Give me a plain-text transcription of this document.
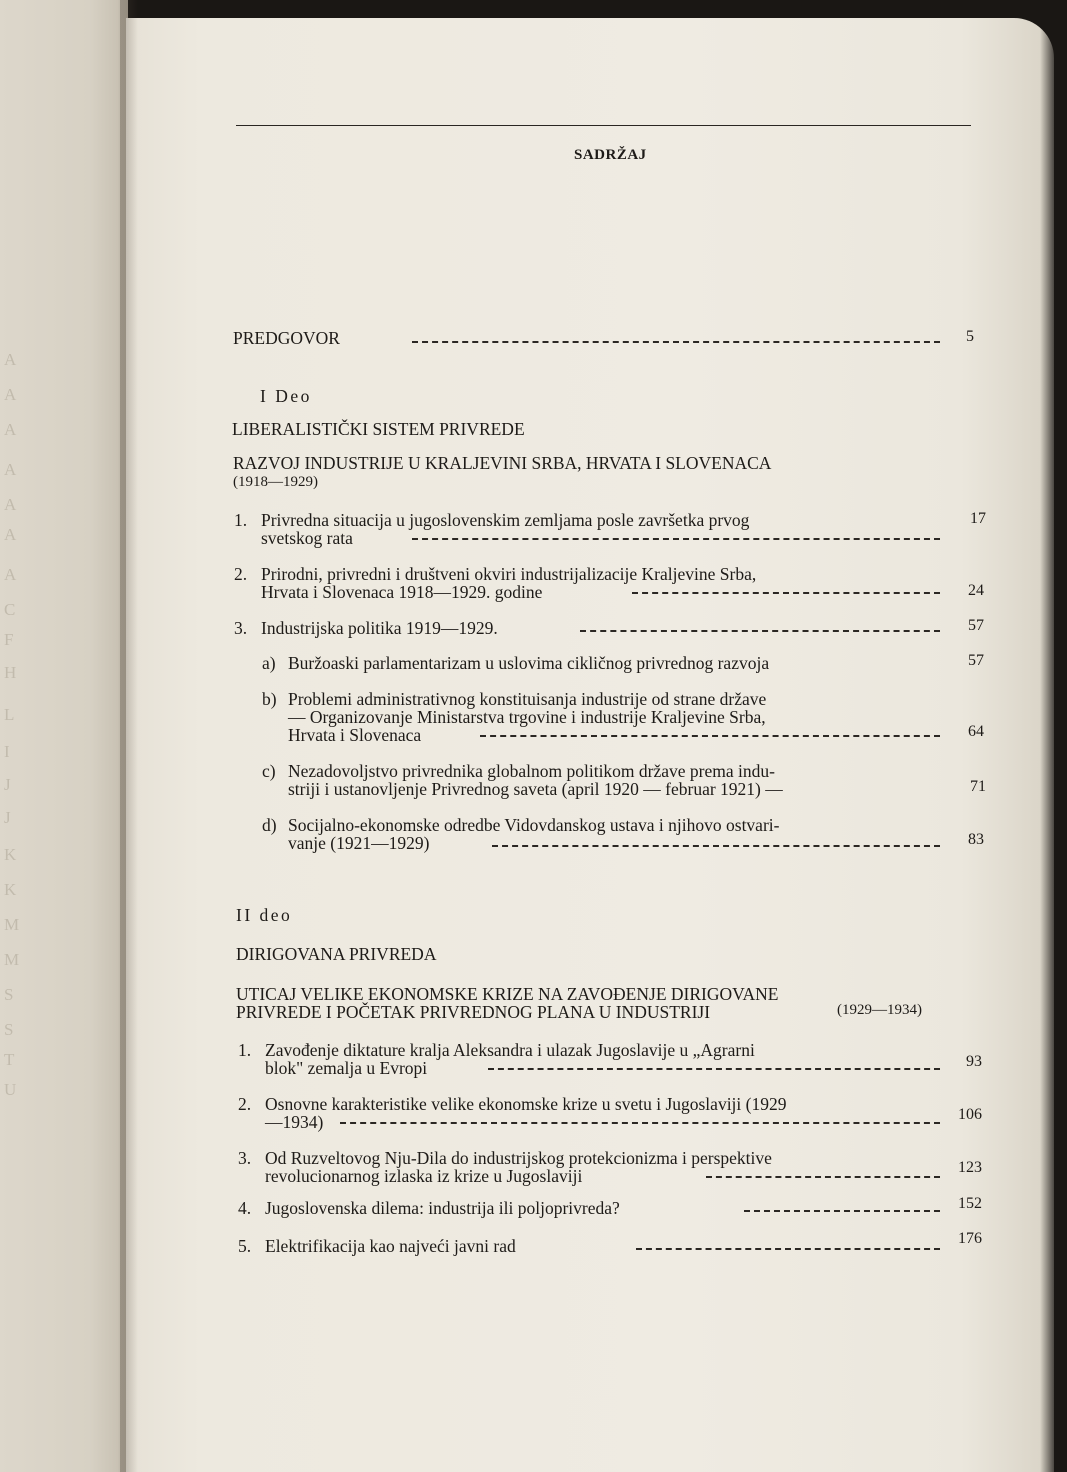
A
A
A
A
A
A
A
C
F
H
L
I
J
J
K
K
M
M
S
S
T
U
SADRŽAJ
PREDGOVOR	5
I Deo
LIBERALISTIČKI SISTEM PRIVREDE
RAZVOJ INDUSTRIJE U KRALJEVINI SRBA, HRVATA I SLOVENACA
(1918—1929)
1. Privredna situacija u jugoslovenskim zemljama posle završetka prvog
svetskog rata
17
2. Prirodni, privredni i društveni okviri industrijalizacije Kraljevine Srba,
Hrvata i Slovenaca 1918—1929. godine	24
3. Industrijska politika 1919—1929.	57
a) Buržoaski parlamentarizam u uslovima cikličnog privrednog razvoja	57
b) Problemi administrativnog konstituisanja industrije od strane države
— Organizovanje Ministarstva trgovine i industrije Kraljevine Srba,
Hrvata i Slovenaca	64
c) Nezadovoljstvo privrednika globalnom politikom države prema indu-
striji i ustanovljenje Privrednog saveta (april 1920 — februar 1921) —	71
d) Socijalno-ekonomske odredbe Vidovdanskog ustava i njihovo ostvari-
vanje (1921—1929)	83
II deo
DIRIGOVANA PRIVREDA
UTICAJ VELIKE EKONOMSKE KRIZE NA ZAVOĐENJE DIRIGOVANE
PRIVREDE I POČETAK PRIVREDNOG PLANA U INDUSTRIJI	(1929—1934)
1. Zavođenje diktature kralja Aleksandra i ulazak Jugoslavije u „Agrarni
blok" zemalja u Evropi	93
2. Osnovne karakteristike velike ekonomske krize u svetu i Jugoslaviji (1929
—1934)	106
3. Od Ruzveltovog Nju-Dila do industrijskog protekcionizma i perspektive
revolucionarnog izlaska iz krize u Jugoslaviji	123
4. Jugoslovenska dilema: industrija ili poljoprivreda?	152
5. Elektrifikacija kao najveći javni rad	176
